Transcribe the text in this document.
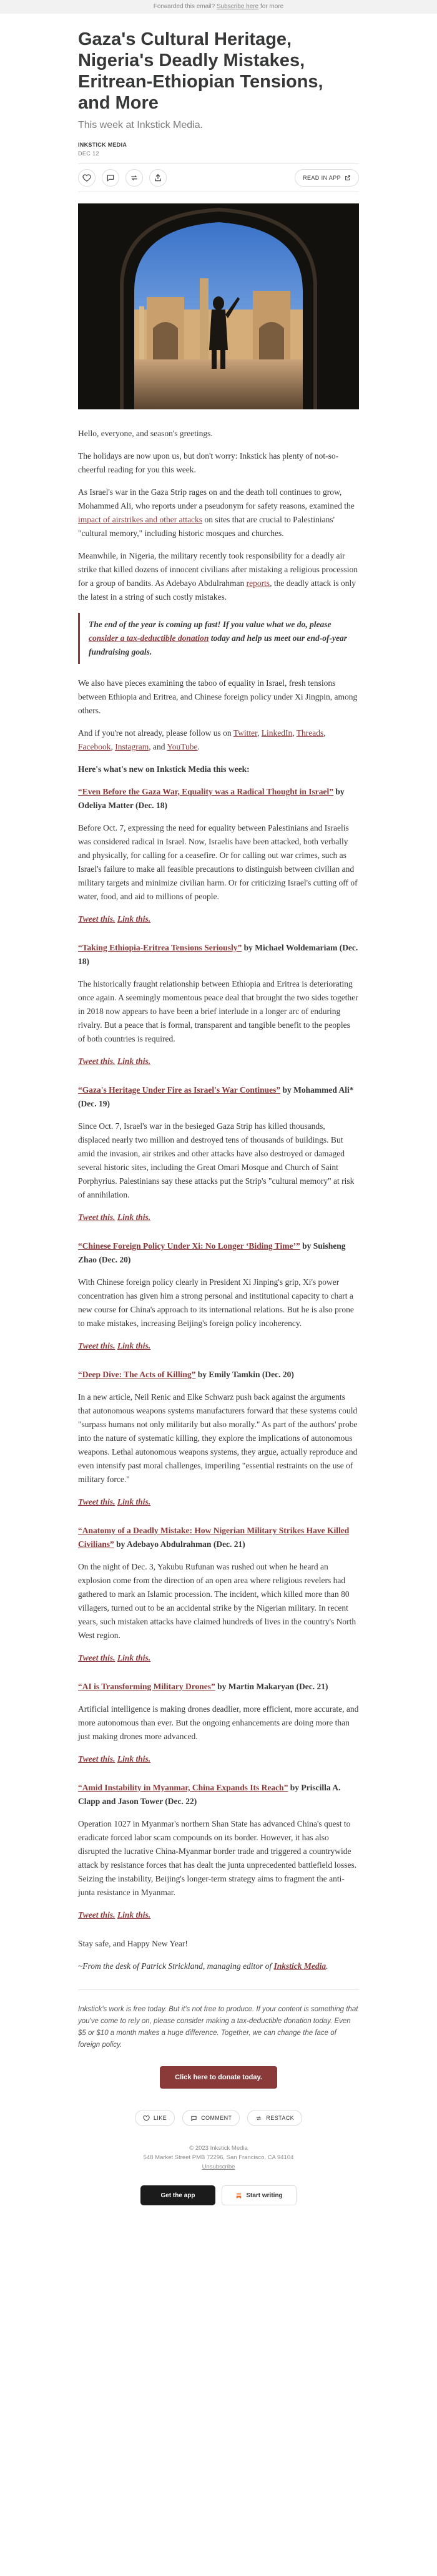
Forwarded this email? Subscribe here for more
Gaza's Cultural Heritage, Nigeria's Deadly Mistakes, Eritrean-Ethiopian Tensions, and More
This week at Inkstick Media.
INKSTICK MEDIA
DEC 12
READ IN APP

Hello, everyone, and season's greetings.

The holidays are now upon us, but don't worry: Inkstick has plenty of not-so-cheerful reading for you this week.

As Israel's war in the Gaza Strip rages on and the death toll continues to grow, Mohammed Ali, who reports under a pseudonym for safety reasons, examined the impact of airstrikes and other attacks on sites that are crucial to Palestinians' "cultural memory," including historic mosques and churches.

Meanwhile, in Nigeria, the military recently took responsibility for a deadly air strike that killed dozens of innocent civilians after mistaking a religious procession for a group of bandits. As Adebayo Abdulrahman reports, the deadly attack is only the latest in a string of such costly mistakes.

The end of the year is coming up fast! If you value what we do, please consider a tax-deductible donation today and help us meet our end-of-year fundraising goals.

We also have pieces examining the taboo of equality in Israel, fresh tensions between Ethiopia and Eritrea, and Chinese foreign policy under Xi Jingpin, among others.

And if you're not already, please follow us on Twitter, LinkedIn, Threads, Facebook, Instagram, and YouTube.

Here's what's new on Inkstick Media this week:

“Even Before the Gaza War, Equality was a Radical Thought in Israel” by Odeliya Matter (Dec. 18)
Before Oct. 7, expressing the need for equality between Palestinians and Israelis was considered radical in Israel. Now, Israelis have been attacked, both verbally and physically, for calling for a ceasefire. Or for calling out war crimes, such as Israel's failure to make all feasible precautions to distinguish between civilian and military targets and minimize civilian harm. Or for criticizing Israel's cutting off of water, food, and aid to millions of people.
Tweet this. Link this.
“Taking Ethiopia-Eritrea Tensions Seriously” by Michael Woldemariam (Dec. 18)
The historically fraught relationship between Ethiopia and Eritrea is deteriorating once again. A seemingly momentous peace deal that brought the two sides together in 2018 now appears to have been a brief interlude in a longer arc of enduring rivalry. But a peace that is formal, transparent and tangible benefit to the peoples of both countries is required.
Tweet this. Link this.
“Gaza's Heritage Under Fire as Israel's War Continues” by Mohammed Ali* (Dec. 19)
Since Oct. 7, Israel's war in the besieged Gaza Strip has killed thousands, displaced nearly two million and destroyed tens of thousands of buildings. But amid the invasion, air strikes and other attacks have also destroyed or damaged several historic sites, including the Great Omari Mosque and Church of Saint Porphyrius. Palestinians say these attacks put the Strip's "cultural memory" at risk of annihilation.
Tweet this. Link this.
“Chinese Foreign Policy Under Xi: No Longer ‘Biding Time’” by Suisheng Zhao (Dec. 20)
With Chinese foreign policy clearly in President Xi Jinping's grip, Xi's power concentration has given him a strong personal and institutional capacity to chart a new course for China's approach to its international relations. But he is also prone to make mistakes, increasing Beijing's foreign policy incoherency.
Tweet this. Link this.
“Deep Dive: The Acts of Killing” by Emily Tamkin (Dec. 20)
In a new article, Neil Renic and Elke Schwarz push back against the arguments that autonomous weapons systems manufacturers forward that these systems could "surpass humans not only militarily but also morally." As part of the authors' probe into the nature of systematic killing, they explore the implications of autonomous weapons. Lethal autonomous weapons systems, they argue, actually reproduce and even intensify past moral challenges, imperiling "essential restraints on the use of military force."
Tweet this. Link this.
“Anatomy of a Deadly Mistake: How Nigerian Military Strikes Have Killed Civilians” by Adebayo Abdulrahman (Dec. 21)
On the night of Dec. 3, Yakubu Rufunan was rushed out when he heard an explosion come from the direction of an open area where religious revelers had gathered to mark an Islamic procession. The incident, which killed more than 80 villagers, turned out to be an accidental strike by the Nigerian military. In recent years, such mistaken attacks have claimed hundreds of lives in the country's North West region.
Tweet this. Link this.
“AI is Transforming Military Drones” by Martin Makaryan (Dec. 21)
Artificial intelligence is making drones deadlier, more efficient, more accurate, and more autonomous than ever. But the ongoing enhancements are doing more than just making drones more advanced.
Tweet this. Link this.
“Amid Instability in Myanmar, China Expands Its Reach” by Priscilla A. Clapp and Jason Tower (Dec. 22)
Operation 1027 in Myanmar's northern Shan State has advanced China's quest to eradicate forced labor scam compounds on its border. However, it has also disrupted the lucrative China-Myanmar border trade and triggered a countrywide attack by resistance forces that has dealt the junta unprecedented battlefield losses. Seizing the instability, Beijing's longer-term strategy aims to fragment the anti-junta resistance in Myanmar.
Tweet this. Link this.

Stay safe, and Happy New Year!

~From the desk of Patrick Strickland, managing editor of Inkstick Media.

Inkstick's work is free today. But it's not free to produce. If your content is something that you've come to rely on, please consider making a tax-deductible donation today. Even $5 or $10 a month makes a huge difference. Together, we can change the face of foreign policy.

Click here to donate today.
LIKE	COMMENT	RESTACK
© 2023 Inkstick Media
548 Market Street PMB 72296, San Francisco, CA 94104
Unsubscribe
Get the app	Start writing
